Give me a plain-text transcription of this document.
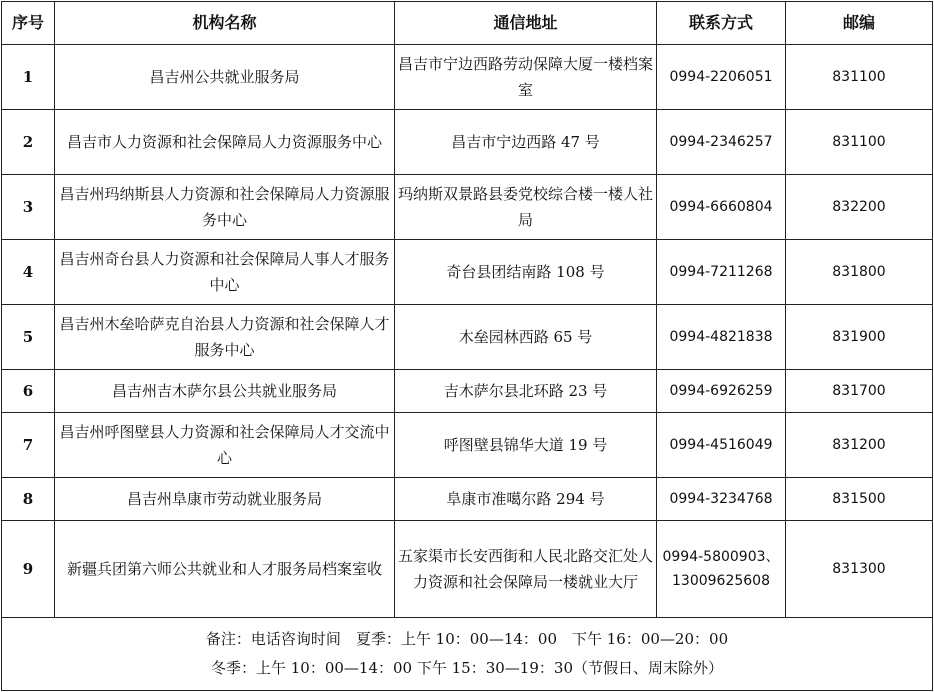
序号	机构名称	通信地址	联系方式	邮编
1	昌吉州公共就业服务局	昌吉市宁边西路劳动保障大厦一楼档案室	0994-2206051	831100
2	昌吉市人力资源和社会保障局人力资源服务中心	昌吉市宁边西路 47 号	0994-2346257	831100
3	昌吉州玛纳斯县人力资源和社会保障局人力资源服务中心	玛纳斯双景路县委党校综合楼一楼人社局	0994-6660804	832200
4	昌吉州奇台县人力资源和社会保障局人事人才服务中心	奇台县团结南路 108 号	0994-7211268	831800
5	昌吉州木垒哈萨克自治县人力资源和社会保障人才服务中心	木垒园林西路 65 号	0994-4821838	831900
6	昌吉州吉木萨尔县公共就业服务局	吉木萨尔县北环路 23 号	0994-6926259	831700
7	昌吉州呼图壁县人力资源和社会保障局人才交流中心	呼图壁县锦华大道 19 号	0994-4516049	831200
8	昌吉州阜康市劳动就业服务局	阜康市准噶尔路 294 号	0994-3234768	831500
9	新疆兵团第六师公共就业和人才服务局档案室收	五家渠市长安西街和人民北路交汇处人力资源和社会保障局一楼就业大厅	0994-5800903、13009625608	831300

备注：电话咨询时间　夏季：上午 10：00—14：00　下午 16：00—20：00
冬季：上午 10：00—14：00 下午 15：30—19：30（节假日、周末除外）				
